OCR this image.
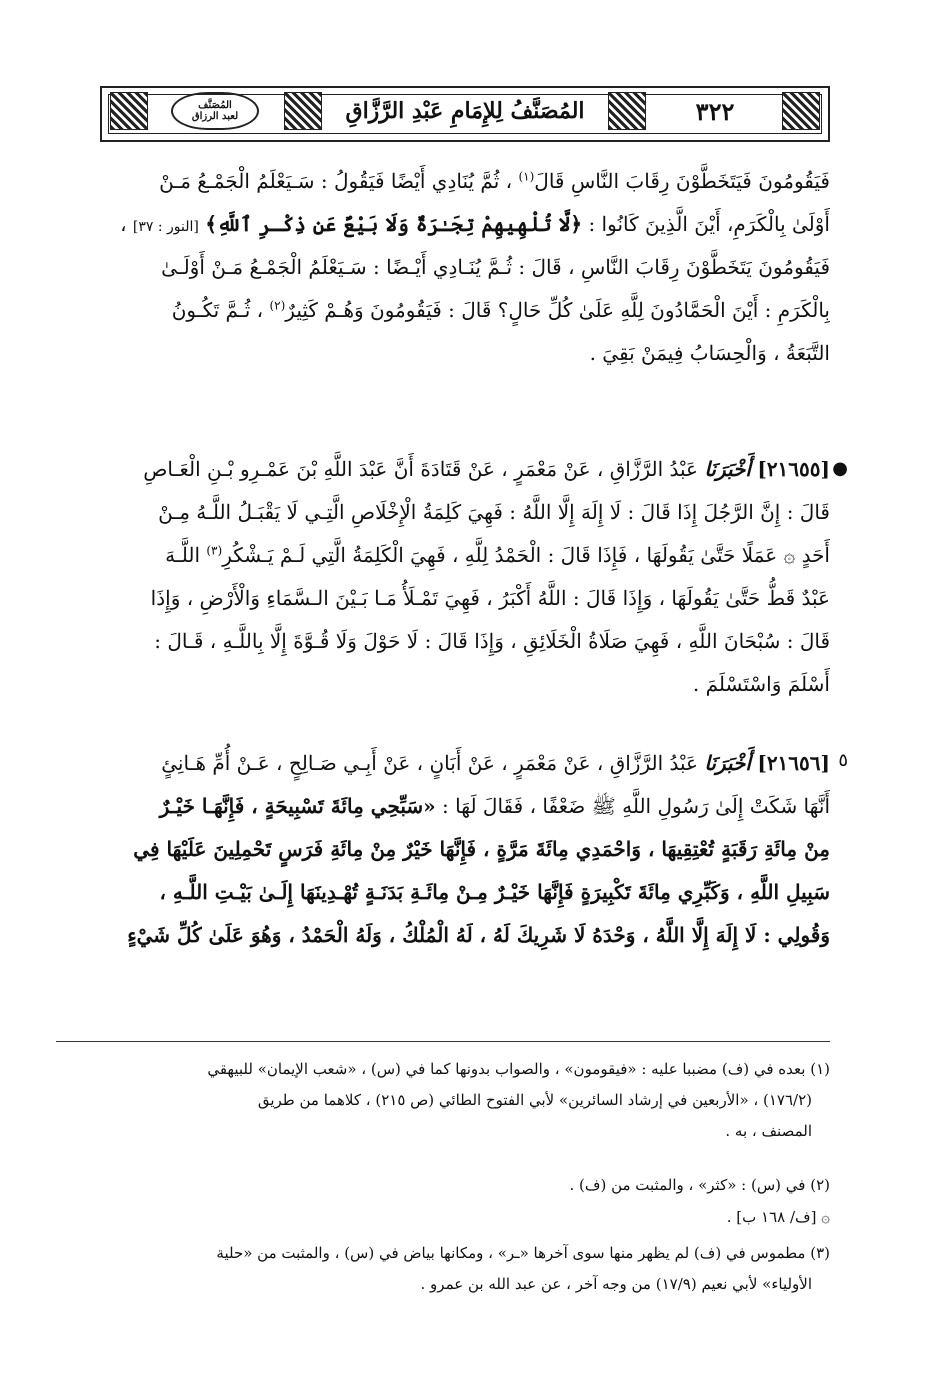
٣٢٢
المُصَنَّفُ لِلإِمَامِ عَبْدِ الرَّزَّاقِ
المُصَنَّف
لعبد الرزاق
فَيَقُومُونَ فَيَتَخَطَّوْنَ رِقَابَ النَّاسِ قَالَ$^{(١)}$ ، ثُمَّ يُنَادِي أَيْضًا فَيَقُولُ : سَـيَعْلَمُ الْجَمْـعُ مَـنْ
أَوْلَىٰ بِالْكَرَمِ، أَيْنَ الَّذِينَ كَانُوا : ﴿لَّا تُلْهِيهِمْ تِجَـٰرَةٌ وَلَا بَيْعٌ عَن ذِكْـرِ ٱللَّهِ﴾ [النور : ٣٧] ،
فَيَقُومُونَ يَتَخَطَّوْنَ رِقَابَ النَّاسِ ، قَالَ : ثُـمَّ يُنَـادِي أَيْـضًا : سَـيَعْلَمُ الْجَمْـعُ مَـنْ أَوْلَـىٰ
بِالْكَرَمِ : أَيْنَ الْحَمَّادُونَ لِلَّهِ عَلَىٰ كُلِّ حَالٍ؟ قَالَ : فَيَقُومُونَ وَهُـمْ كَثِيرٌ$^{(٢)}$ ، ثُـمَّ تَكُـونُ
التَّبَعَةُ ، وَالْحِسَابُ فِيمَنْ بَقِيَ .
●
[٢١٦٥٥] أَخْبَرَنَا عَبْدُ الرَّزَّاقِ ، عَنْ مَعْمَرٍ ، عَنْ قَتَادَةَ أَنَّ عَبْدَ اللَّهِ بْنَ عَمْـرِو بْـنِ الْعَـاصِ
قَالَ : إِنَّ الرَّجُلَ إِذَا قَالَ : لَا إِلَهَ إِلَّا اللَّهُ : فَهِيَ كَلِمَةُ الْإِخْلَاصِ الَّتِـي لَا يَقْبَـلُ اللَّـهُ مِـنْ
أَحَدٍ ۞ عَمَلًا حَتَّىٰ يَقُولَهَا ، فَإِذَا قَالَ : الْحَمْدُ لِلَّهِ ، فَهِيَ الْكَلِمَةُ الَّتِي لَـمْ يَـشْكُرِ$^{(٣)}$ اللَّـهَ
عَبْدٌ قَطُّ حَتَّىٰ يَقُولَهَا ، وَإِذَا قَالَ : اللَّهُ أَكْبَرُ ، فَهِيَ تَمْـلَأُ مَـا بَـيْنَ الـسَّمَاءِ وَالْأَرْضِ ، وَإِذَا
قَالَ : سُبْحَانَ اللَّهِ ، فَهِيَ صَلَاةُ الْخَلَائِقِ ، وَإِذَا قَالَ : لَا حَوْلَ وَلَا قُـوَّةَ إِلَّا بِاللَّـهِ ، قَـالَ :
أَسْلَمَ وَاسْتَسْلَمَ .
٥
[٢١٦٥٦] أَخْبَرَنَا عَبْدُ الرَّزَّاقِ ، عَنْ مَعْمَرٍ ، عَنْ أَبَانٍ ، عَنْ أَبِـي صَـالِحٍ ، عَـنْ أُمِّ هَـانِئٍ
أَنَّهَا شَكَتْ إِلَىٰ رَسُولِ اللَّهِ ﷺ ضَعْفًا ، فَقَالَ لَهَا : «سَبِّحِي مِائَةَ تَسْبِيحَةٍ ، فَإِنَّهَـا خَيْـرٌ
مِنْ مِائَةِ رَقَبَةٍ تُعْتِقِيهَا ، وَاحْمَدِي مِائَةَ مَرَّةٍ ، فَإِنَّهَا خَيْرٌ مِنْ مِائَةِ فَرَسٍ تَحْمِلِينَ عَلَيْهَا فِي
سَبِيلِ اللَّهِ ، وَكَبِّرِي مِائَةَ تَكْبِيرَةٍ فَإِنَّهَا خَيْـرٌ مِـنْ مِائَـةِ بَدَنَـةٍ تُهْـدِينَهَا إِلَـىٰ بَيْـتِ اللَّـهِ ،
وَقُولِي : لَا إِلَهَ إِلَّا اللَّهُ ، وَحْدَهُ لَا شَرِيكَ لَهُ ، لَهُ الْمُلْكُ ، وَلَهُ الْحَمْدُ ، وَهُوَ عَلَىٰ كُلِّ شَيْءٍ
(١) بعده في (ف) مضببا عليه : «فيقومون» ، والصواب بدونها كما في (س) ، «شعب الإيمان» للبيهقي
(١٧٦/٢) ، «الأربعين في إرشاد السائرين» لأبي الفتوح الطائي (ص ٢١٥) ، كلاهما من طريق
المصنف ، به .
(٢) في (س) : «كثر» ، والمثبت من (ف) .
۞ [ف/ ١٦٨ ب] .
(٣) مطموس في (ف) لم يظهر منها سوى آخرها «ـر» ، ومكانها بياض في (س) ، والمثبت من «حلية
الأولياء» لأبي نعيم (١٧/٩) من وجه آخر ، عن عبد الله بن عمرو .
